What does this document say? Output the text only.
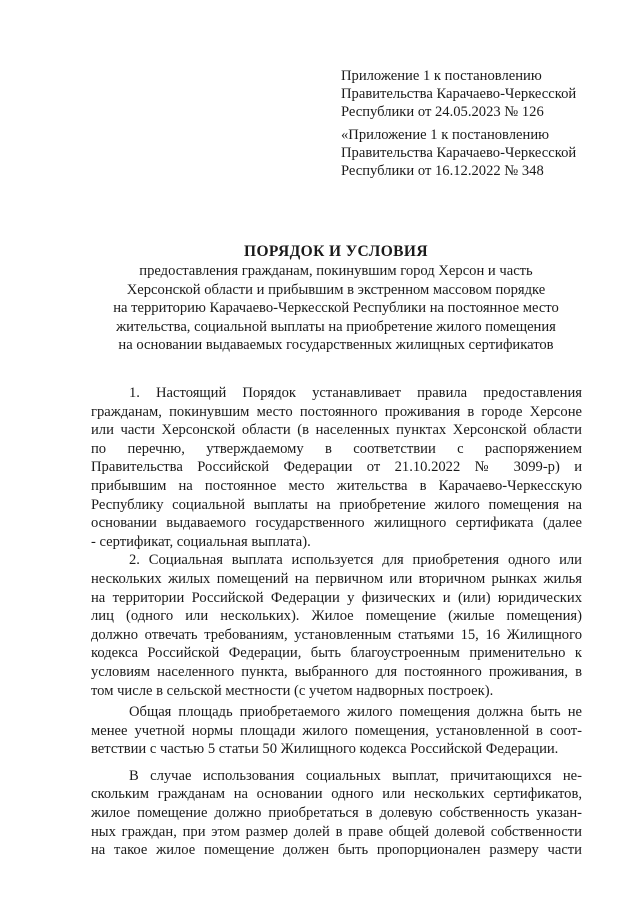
Приложение 1 к постановлению
Правительства Карачаево-Черкесской
Республики от 24.05.2023 № 126
«Приложение 1 к постановлению
Правительства Карачаево-Черкесской
Республики от 16.12.2022 № 348
ПОРЯДОК И УСЛОВИЯ
предоставления гражданам, покинувшим город Херсон и часть
Херсонской области и прибывшим в экстренном массовом порядке
на территорию Карачаево-Черкесской Республики на постоянное место
жительства, социальной выплаты на приобретение жилого помещения
на основании выдаваемых государственных жилищных сертификатов
1. Настоящий Порядок устанавливает правила предоставления
гражданам, покинувшим место постоянного проживания в городе Херсоне
или части Херсонской области (в населенных пунктах Херсонской области
по перечню, утверждаемому в соответствии с распоряжением
Правительства Российской Федерации от 21.10.2022 № 3099-р) и
прибывшим на постоянное место жительства в Карачаево-Черкесскую
Республику социальной выплаты на приобретение жилого помещения на
основании выдаваемого государственного жилищного сертификата (далее
- сертификат, социальная выплата).
2. Социальная выплата используется для приобретения одного или
нескольких жилых помещений на первичном или вторичном рынках жилья
на территории Российской Федерации у физических и (или) юридических
лиц (одного или нескольких). Жилое помещение (жилые помещения)
должно отвечать требованиям, установленным статьями 15, 16 Жилищного
кодекса Российской Федерации, быть благоустроенным применительно к
условиям населенного пункта, выбранного для постоянного проживания, в
том числе в сельской местности (с учетом надворных построек).
Общая площадь приобретаемого жилого помещения должна быть не
менее учетной нормы площади жилого помещения, установленной в соот-
ветствии с частью 5 статьи 50 Жилищного кодекса Российской Федерации.
В случае использования социальных выплат, причитающихся не-
скольким гражданам на основании одного или нескольких сертификатов,
жилое помещение должно приобретаться в долевую собственность указан-
ных граждан, при этом размер долей в праве общей долевой собственности
на такое жилое помещение должен быть пропорционален размеру части
